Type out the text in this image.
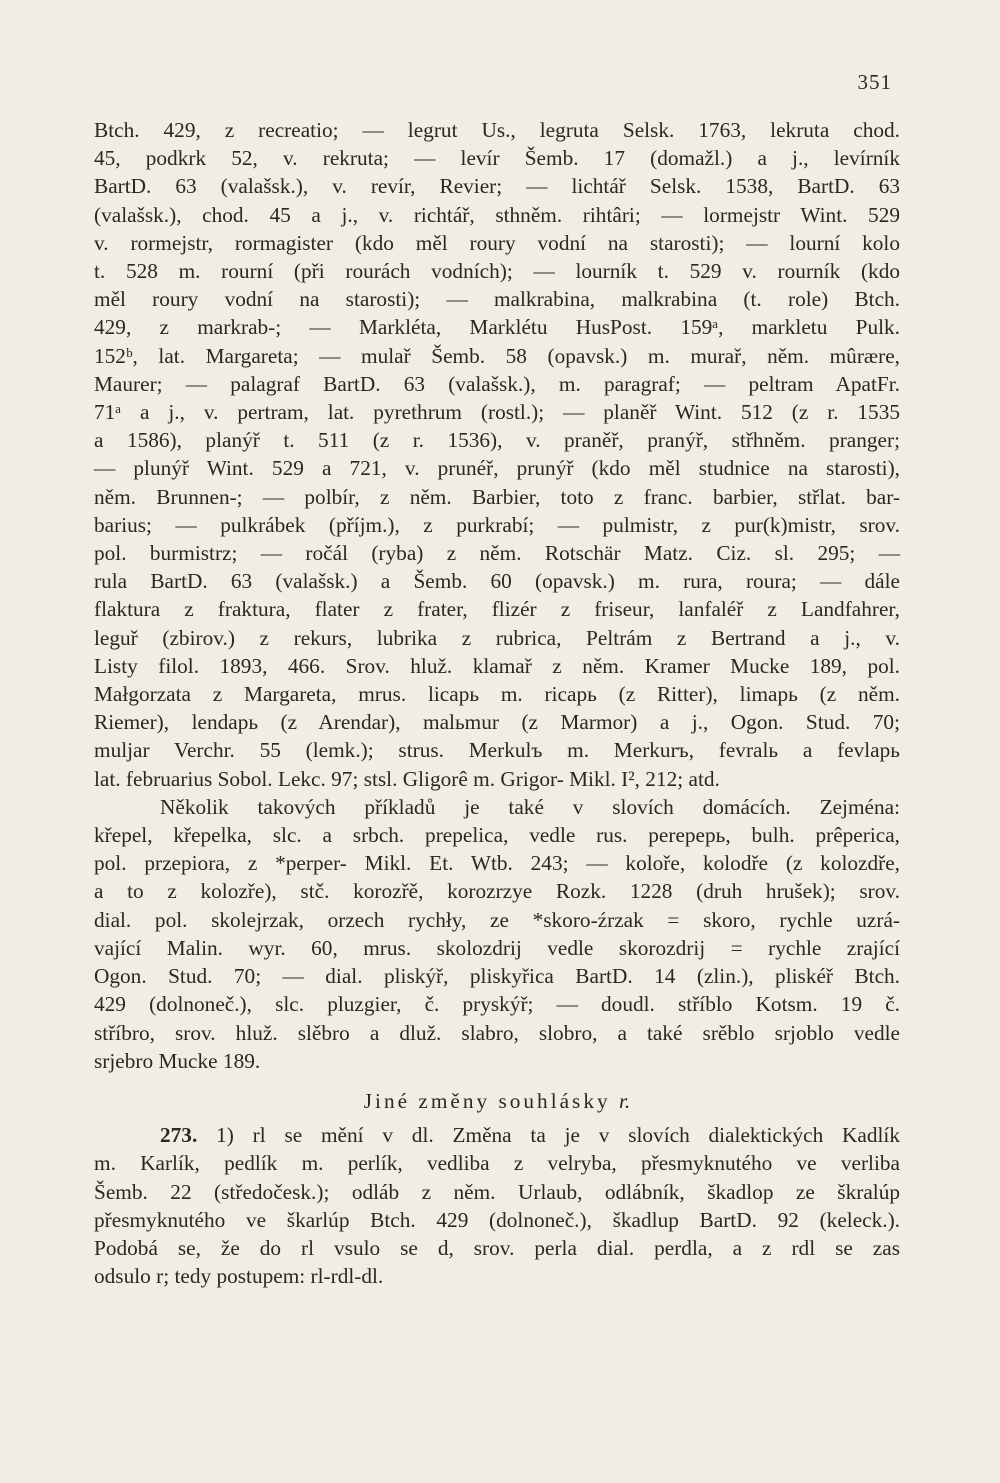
351
Btch. 429, z recreatio; — legrut Us., legruta Selsk. 1763, lekruta chod.
45, podkrk 52, v. rekruta; — levír Šemb. 17 (domažl.) a j., levírník
BartD. 63 (valašsk.), v. revír, Revier; — lichtář Selsk. 1538, BartD. 63
(valašsk.), chod. 45 a j., v. richtář, sthněm. rihtâri; — lormejstr Wint. 529
v. rormejstr, rormagister (kdo měl roury vodní na starosti); — lourní kolo
t. 528 m. rourní (při rourách vodních); — lourník t. 529 v. rourník (kdo
měl roury vodní na starosti); — malkrabina, malkrabina (t. role) Btch.
429, z markrab-; — Markléta, Marklétu HusPost. 159ᵃ, markletu Pulk.
152ᵇ, lat. Margareta; — mulař Šemb. 58 (opavsk.) m. murař, něm. mûrære,
Maurer; — palagraf BartD. 63 (valašsk.), m. paragraf; — peltram ApatFr.
71ᵃ a j., v. pertram, lat. pyrethrum (rostl.); — planěř Wint. 512 (z r. 1535
a 1586), planýř t. 511 (z r. 1536), v. praněř, pranýř, střhněm. pranger;
— plunýř Wint. 529 a 721, v. prunéř, prunýř (kdo měl studnice na starosti),
něm. Brunnen-; — polbír, z něm. Barbier, toto z franc. barbier, střlat. bar-
barius; — pulkrábek (příjm.), z purkrabí; — pulmistr, z pur(k)mistr, srov.
pol. burmistrz; — ročál (ryba) z něm. Rotschär Matz. Ciz. sl. 295; —
rula BartD. 63 (valašsk.) a Šemb. 60 (opavsk.) m. rura, roura; — dále
flaktura z fraktura, flater z frater, flizér z friseur, lanfaléř z Landfahrer,
leguř (zbirov.) z rekurs, lubrika z rubrica, Peltrám z Bertrand a j., v.
Listy filol. 1893, 466. Srov. hluž. klamař z něm. Kramer Mucke 189, pol.
Małgorzata z Margareta, mrus. licaрь m. ricaрь (z Ritter), limaрь (z něm.
Riemer), lendaрь (z Arendar), malьmur (z Marmor) a j., Ogon. Stud. 70;
muljar Verchr. 55 (lemk.); strus. Merkulъ m. Merkurъ, fevralь a fevlaрь
lat. februarius Sobol. Lekc. 97; stsl. Gligorê m. Grigor- Mikl. I², 212; atd.
Několik takových příkladů je také v slovích domácích. Zejména:
křepel, křepelka, slc. a srbch. prepelica, vedle rus. perepeрь, bulh. prêperica,
pol. przepiora, z *perper- Mikl. Et. Wtb. 243; — koloře, kolodře (z kolozdře,
a to z kolozře), stč. korozřě, korozrzye Rozk. 1228 (druh hrušek); srov.
dial. pol. skolejrzak, orzech rychły, ze *skoro-źrzak = skoro, rychle uzrá-
vající Malin. wyr. 60, mrus. skolozdrij vedle skorozdrij = rychle zrající
Ogon. Stud. 70; — dial. pliskýř, pliskyřica BartD. 14 (zlin.), pliskéř Btch.
429 (dolnoneč.), slc. pluzgier, č. pryskýř; — doudl. stříblo Kotsm. 19 č.
stříbro, srov. hluž. slěbro a dluž. slabro, slobro, a také srěblo srjoblo vedle
srjebro Mucke 189.
Jiné změny souhlásky r.
273. 1) rl se mění v dl. Změna ta je v slovích dialektických Kadlík
m. Karlík, pedlík m. perlík, vedliba z velryba, přesmyknutého ve verliba
Šemb. 22 (středočesk.); odláb z něm. Urlaub, odlábník, škadlop ze škralúp
přesmyknutého ve škarlúp Btch. 429 (dolnoneč.), škadlup BartD. 92 (keleck.).
Podobá se, že do rl vsulo se d, srov. perla dial. perdla, a z rdl se zas
odsulo r; tedy postupem: rl-rdl-dl.
